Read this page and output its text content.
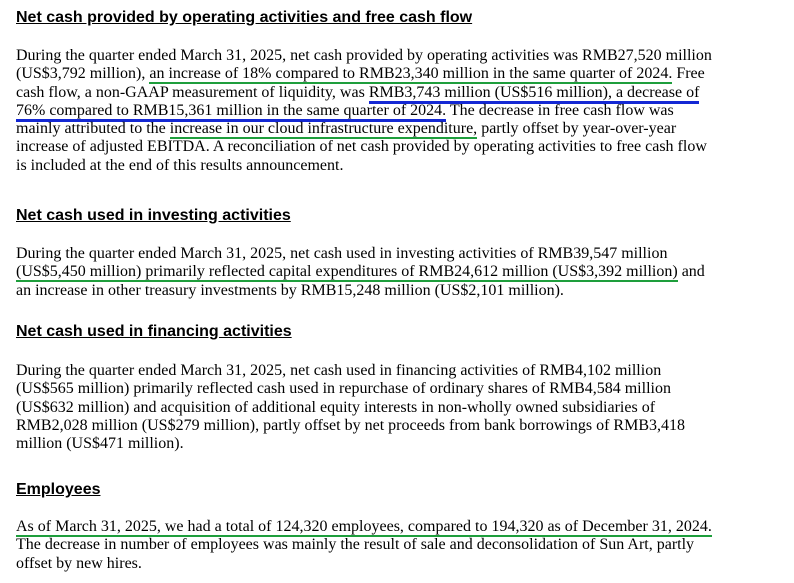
Net cash provided by operating activities and free cash flow
During the quarter ended March 31, 2025, net cash provided by operating activities was RMB27,520 million
(US$3,792 million), an increase of 18% compared to RMB23,340 million in the same quarter of 2024. Free
cash flow, a non-GAAP measurement of liquidity, was RMB3,743 million (US$516 million), a decrease of
76% compared to RMB15,361 million in the same quarter of 2024. The decrease in free cash flow was
mainly attributed to the increase in our cloud infrastructure expenditure, partly offset by year-over-year
increase of adjusted EBITDA. A reconciliation of net cash provided by operating activities to free cash flow
is included at the end of this results announcement.
Net cash used in investing activities
During the quarter ended March 31, 2025, net cash used in investing activities of RMB39,547 million
(US$5,450 million) primarily reflected capital expenditures of RMB24,612 million (US$3,392 million) and
an increase in other treasury investments by RMB15,248 million (US$2,101 million).
Net cash used in financing activities
During the quarter ended March 31, 2025, net cash used in financing activities of RMB4,102 million
(US$565 million) primarily reflected cash used in repurchase of ordinary shares of RMB4,584 million
(US$632 million) and acquisition of additional equity interests in non-wholly owned subsidiaries of
RMB2,028 million (US$279 million), partly offset by net proceeds from bank borrowings of RMB3,418
million (US$471 million).
Employees
As of March 31, 2025, we had a total of 124,320 employees, compared to 194,320 as of December 31, 2024.
The decrease in number of employees was mainly the result of sale and deconsolidation of Sun Art, partly
offset by new hires.
